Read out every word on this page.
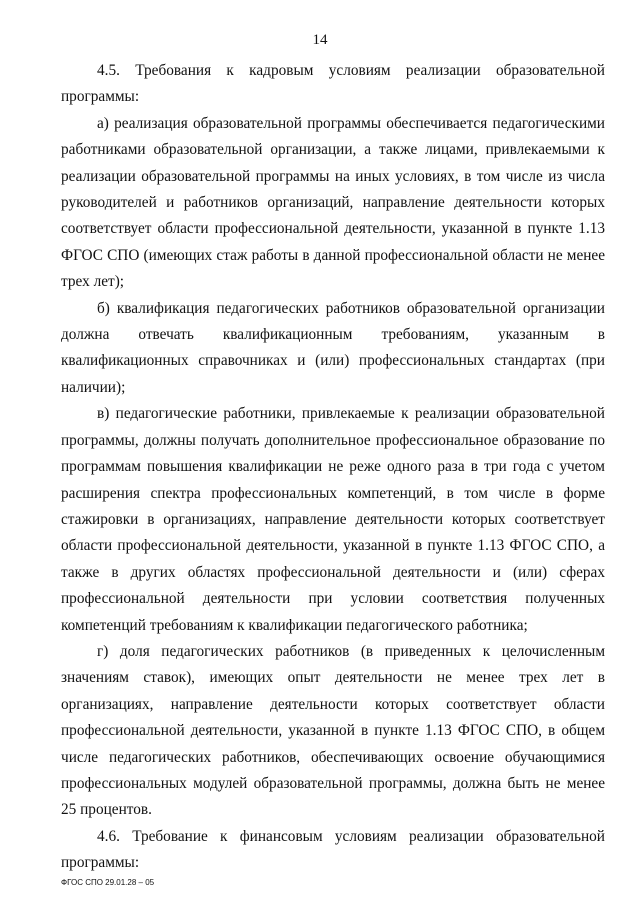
14

4.5. Требования к кадровым условиям реализации образовательной программы:

а) реализация образовательной программы обеспечивается педагогическими работниками образовательной организации, а также лицами, привлекаемыми к реализации образовательной программы на иных условиях, в том числе из числа руководителей и работников организаций, направление деятельности которых соответствует области профессиональной деятельности, указанной в пункте 1.13 ФГОС СПО (имеющих стаж работы в данной профессиональной области не менее трех лет);

б) квалификация педагогических работников образовательной организации должна отвечать квалификационным требованиям, указанным в квалификационных справочниках и (или) профессиональных стандартах (при наличии);

в) педагогические работники, привлекаемые к реализации образовательной программы, должны получать дополнительное профессиональное образование по программам повышения квалификации не реже одного раза в три года с учетом расширения спектра профессиональных компетенций, в том числе в форме стажировки в организациях, направление деятельности которых соответствует области профессиональной деятельности, указанной в пункте 1.13 ФГОС СПО, а также в других областях профессиональной деятельности и (или) сферах профессиональной деятельности при условии соответствия полученных компетенций требованиям к квалификации педагогического работника;

г) доля педагогических работников (в приведенных к целочисленным значениям ставок), имеющих опыт деятельности не менее трех лет в организациях, направление деятельности которых соответствует области профессиональной деятельности, указанной в пункте 1.13 ФГОС СПО, в общем числе педагогических работников, обеспечивающих освоение обучающимися профессиональных модулей образовательной программы, должна быть не менее 25 процентов.

4.6. Требование к финансовым условиям реализации образовательной программы:

ФГОС СПО 29.01.28 – 05
